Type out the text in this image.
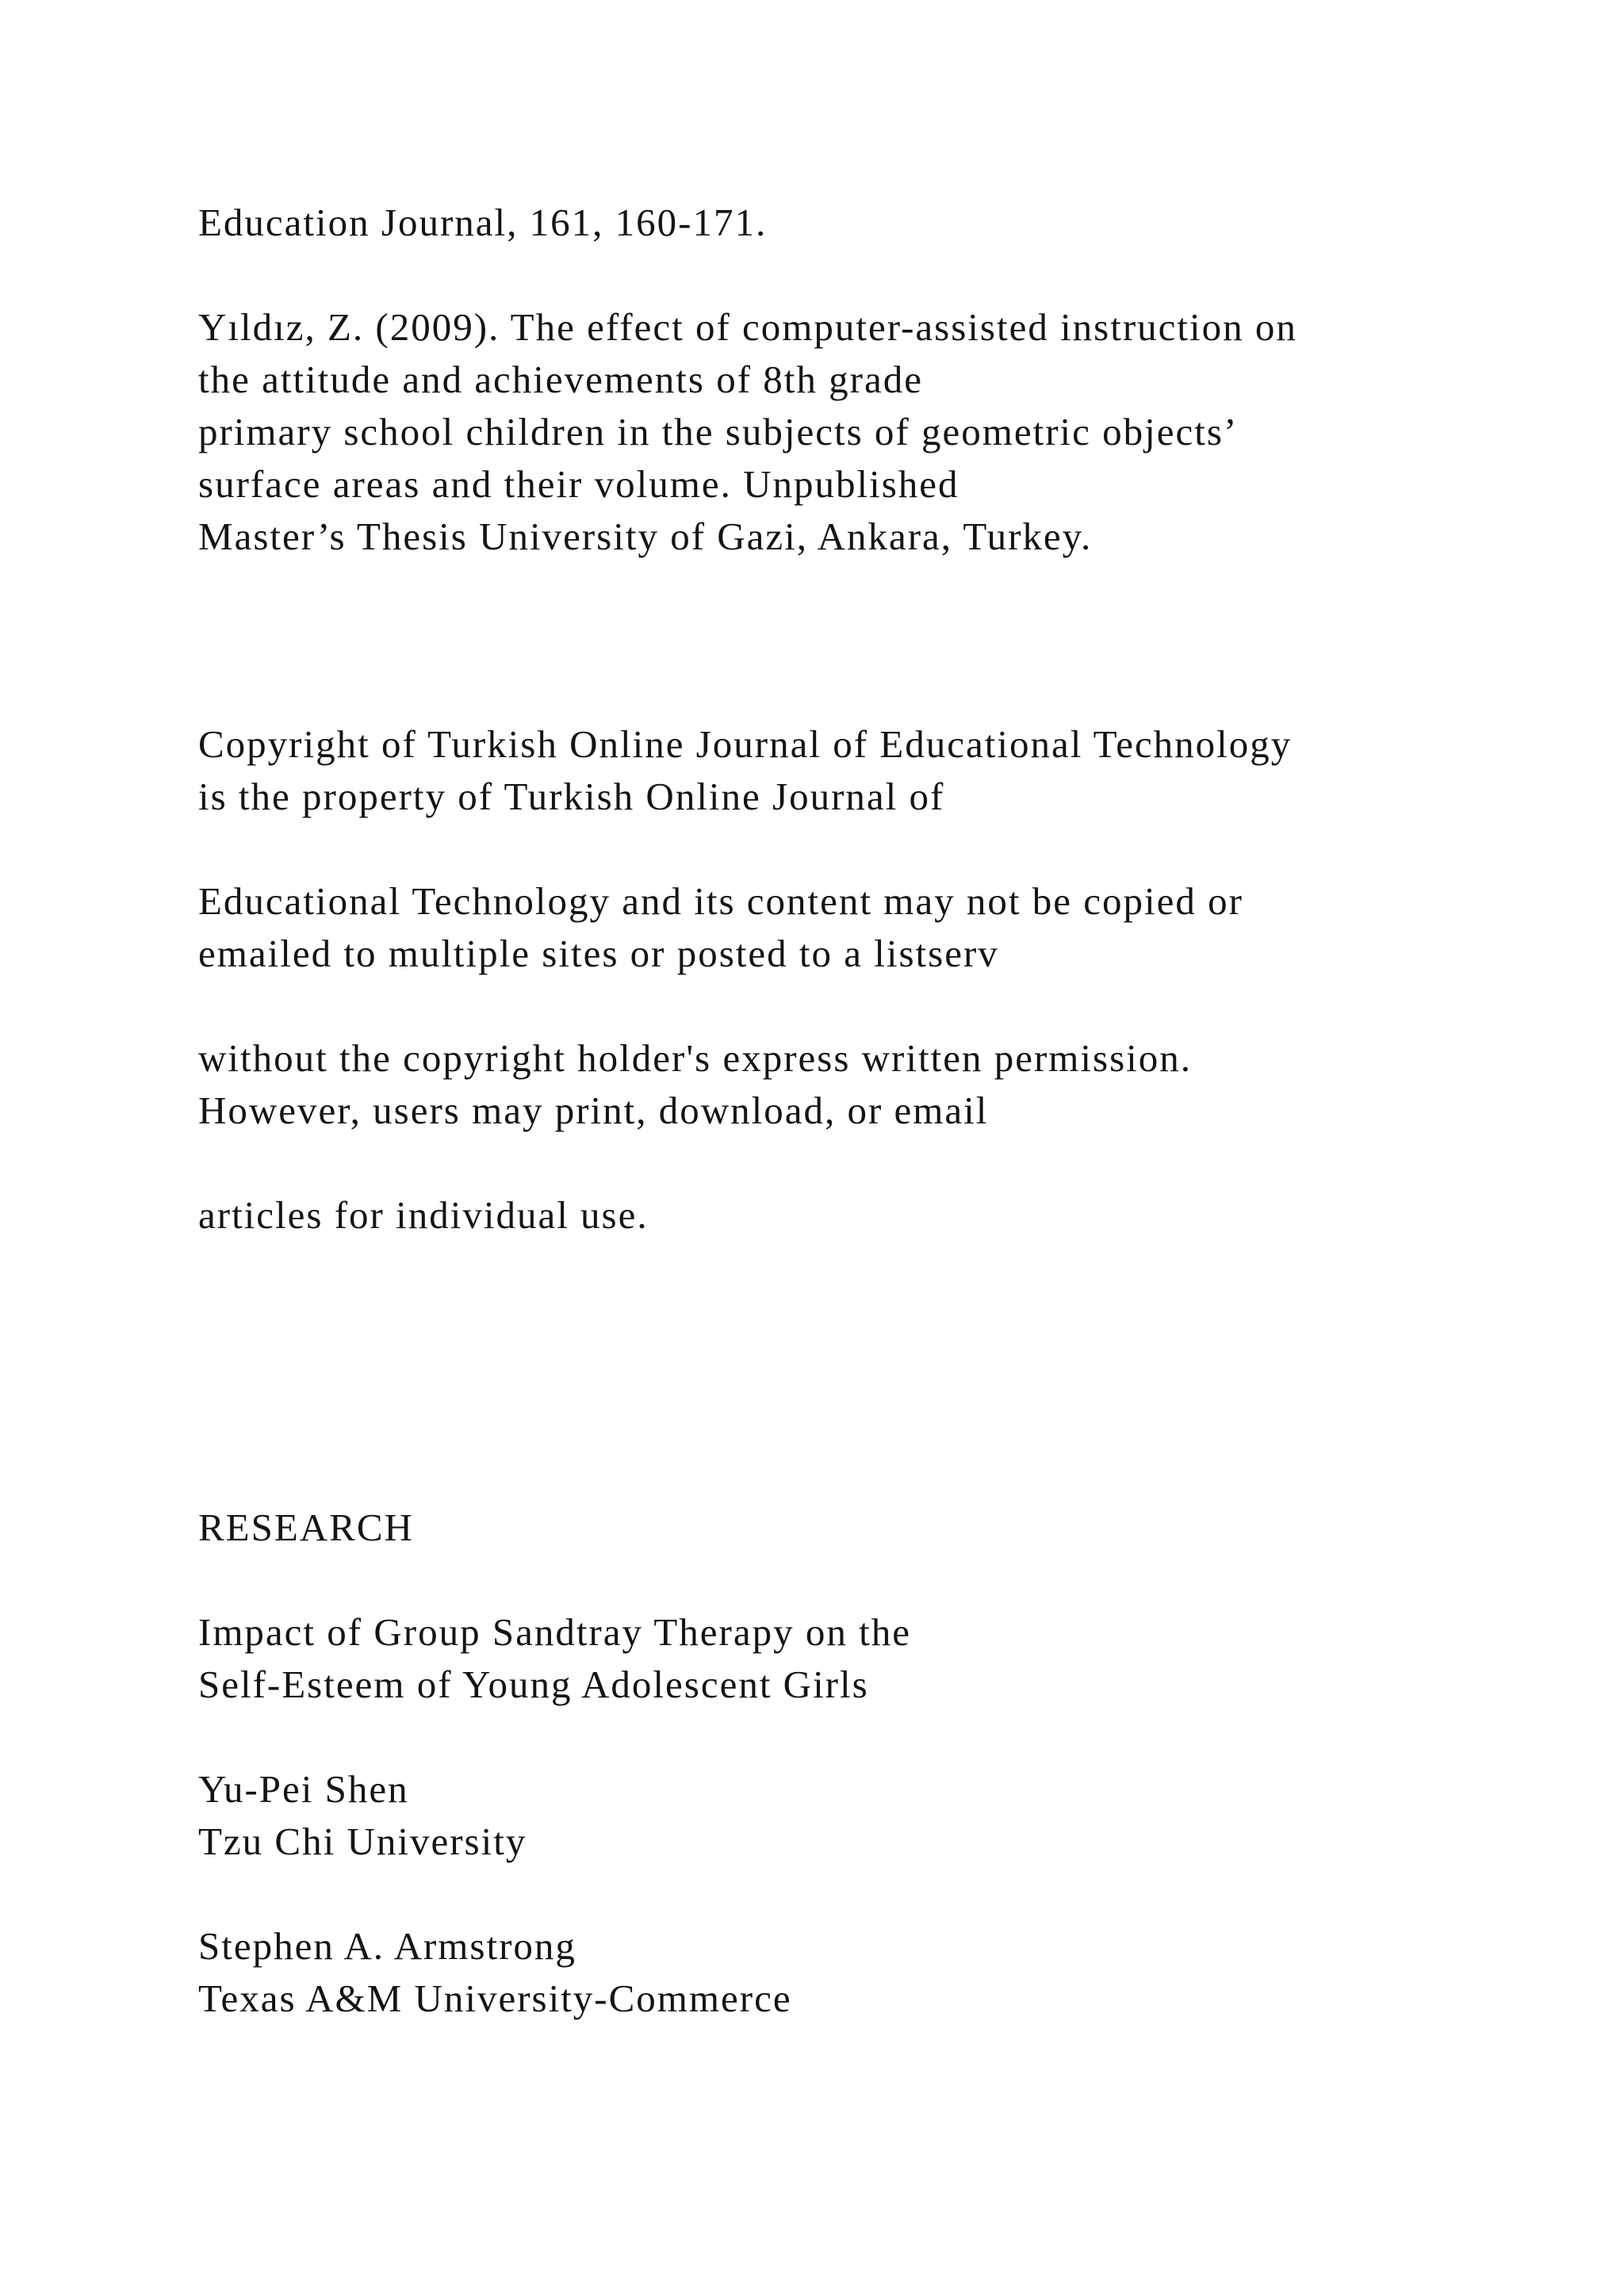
Education Journal, 161, 160-171.

Yıldız, Z. (2009). The effect of computer-assisted instruction on

the attitude and achievements of 8th grade

primary school children in the subjects of geometric objects’

surface areas and their volume. Unpublished

Master’s Thesis University of Gazi, Ankara, Turkey.

Copyright of Turkish Online Journal of Educational Technology

is the property of Turkish Online Journal of

Educational Technology and its content may not be copied or

emailed to multiple sites or posted to a listserv

without the copyright holder's express written permission.

However, users may print, download, or email

articles for individual use.

RESEARCH

Impact of Group Sandtray Therapy on the

Self-Esteem of Young Adolescent Girls

Yu-Pei Shen

Tzu Chi University

Stephen A. Armstrong

Texas A&M University-Commerce
